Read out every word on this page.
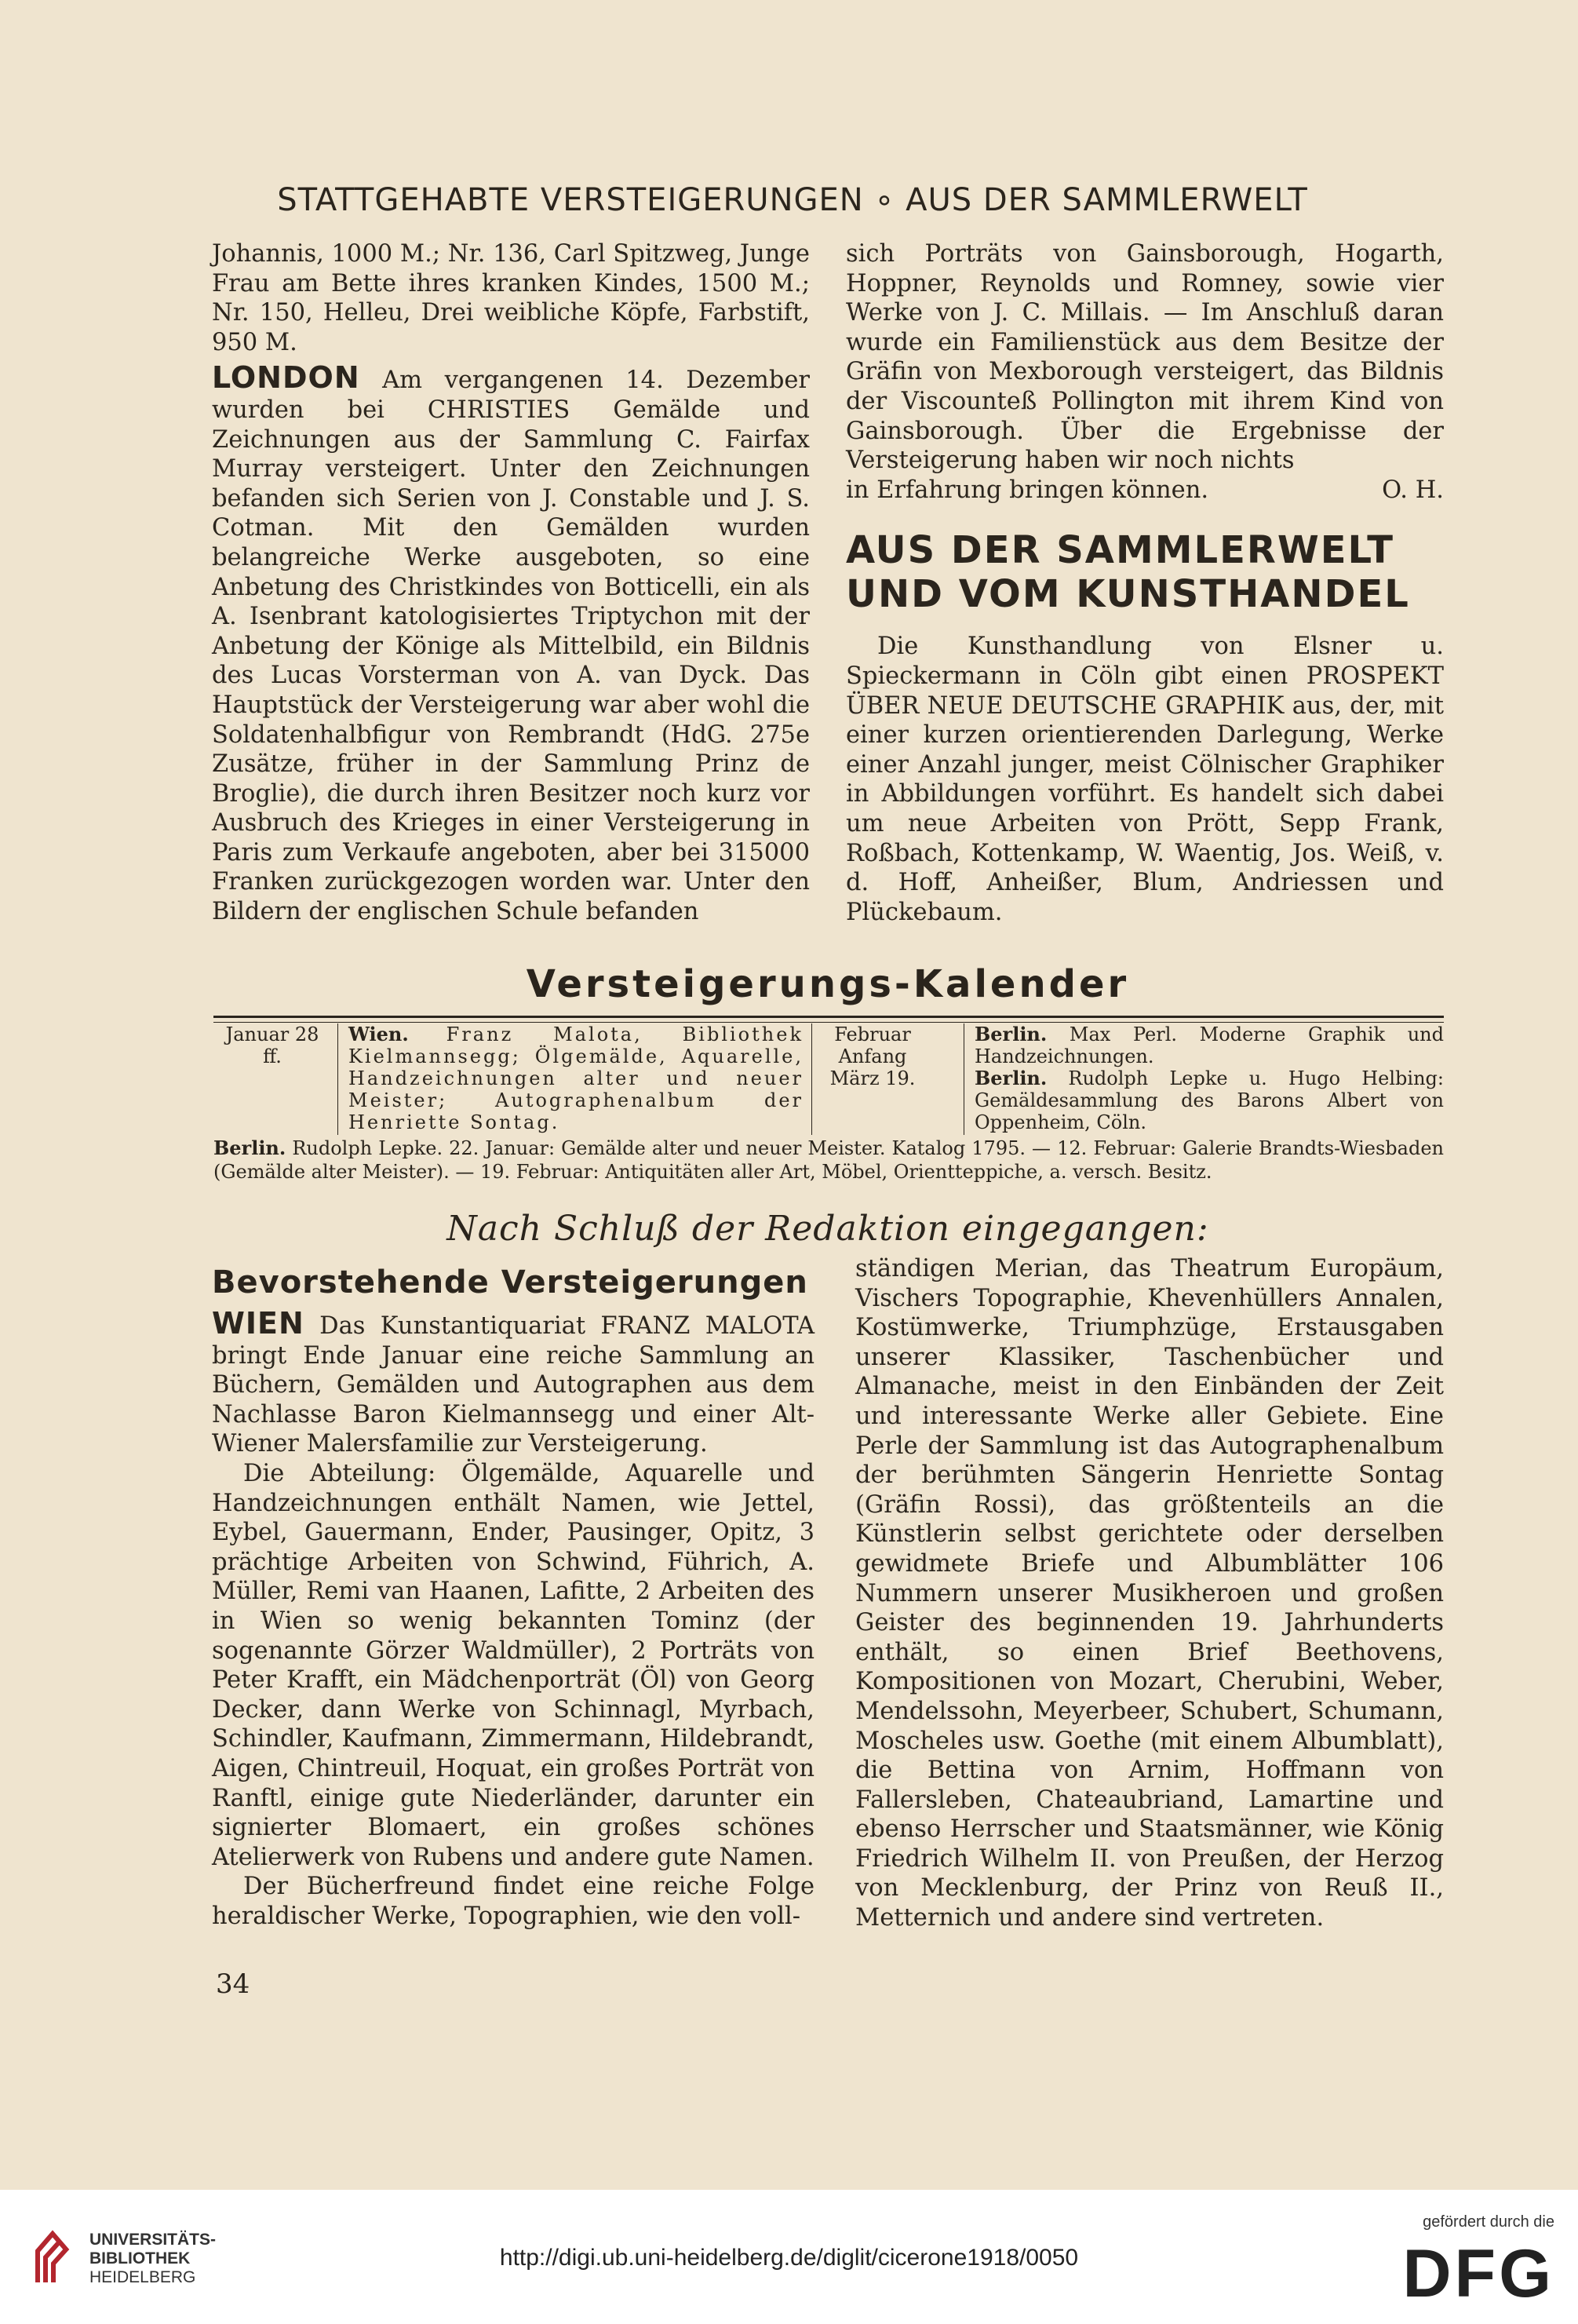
STATTGEHABTE VERSTEIGERUNGEN ∘ AUS DER SAMMLERWELT

Johannis, 1000 M.; Nr. 136, Carl Spitzweg, Junge Frau am Bette ihres kranken Kindes, 1500 M.; Nr. 150, Helleu, Drei weibliche Köpfe, Farbstift, 950 M.

LONDON Am vergangenen 14. Dezember wurden bei CHRISTIES Gemälde und Zeichnungen aus der Sammlung C. Fairfax Murray versteigert. Unter den Zeichnungen befanden sich Serien von J. Constable und J. S. Cotman. Mit den Gemälden wurden belangreiche Werke ausgeboten, so eine Anbetung des Christkindes von Botticelli, ein als A. Isenbrant katologisiertes Triptychon mit der Anbetung der Könige als Mittelbild, ein Bildnis des Lucas Vorsterman von A. van Dyck. Das Hauptstück der Versteigerung war aber wohl die Soldatenhalbfigur von Rembrandt (HdG. 275e Zusätze, früher in der Sammlung Prinz de Broglie), die durch ihren Besitzer noch kurz vor Ausbruch des Krieges in einer Versteigerung in Paris zum Verkaufe angeboten, aber bei 315000 Franken zurückgezogen worden war. Unter den Bildern der englischen Schule befanden

sich Porträts von Gainsborough, Hogarth, Hoppner, Reynolds und Romney, sowie vier Werke von J. C. Millais. — Im Anschluß daran wurde ein Familienstück aus dem Besitze der Gräfin von Mexborough versteigert, das Bildnis der Viscounteß Pollington mit ihrem Kind von Gainsborough. Über die Ergebnisse der Versteigerung haben wir noch nichts

in Erfahrung bringen können.	O. H.
AUS DER SAMMLERWELT UND VOM KUNSTHANDEL

Die Kunsthandlung von Elsner u. Spieckermann in Cöln gibt einen PROSPEKT ÜBER NEUE DEUTSCHE GRAPHIK aus, der, mit einer kurzen orientierenden Darlegung, Werke einer Anzahl junger, meist Cölnischer Graphiker in Abbildungen vorführt. Es handelt sich dabei um neue Arbeiten von Prött, Sepp Frank, Roßbach, Kottenkamp, W. Waentig, Jos. Weiß, v. d. Hoff, Anheißer, Blum, Andriessen und Plückebaum.

Versteigerungs-Kalender
Januar 28 ff.
Wien. Franz Malota, Bibliothek Kielmannsegg; Ölgemälde, Aquarelle, Handzeichnungen alter und neuer Meister; Autographenalbum der Henriette Sontag.
Februar Anfang
März 19.
Berlin. Max Perl. Moderne Graphik und Handzeichnungen.
Berlin. Rudolph Lepke u. Hugo Helbing: Gemäldesammlung des Barons Albert von Oppenheim, Cöln.
Berlin. Rudolph Lepke. 22. Januar: Gemälde alter und neuer Meister. Katalog 1795. — 12. Februar: Galerie Brandts-Wiesbaden (Gemälde alter Meister). — 19. Februar: Antiquitäten aller Art, Möbel, Orientteppiche, a. versch. Besitz.
Nach Schluß der Redaktion eingegangen:
Bevorstehende Versteigerungen

WIEN Das Kunstantiquariat FRANZ MALOTA bringt Ende Januar eine reiche Sammlung an Büchern, Gemälden und Autographen aus dem Nachlasse Baron Kielmannsegg und einer Alt-Wiener Malersfamilie zur Versteigerung.

Die Abteilung: Ölgemälde, Aquarelle und Handzeichnungen enthält Namen, wie Jettel, Eybel, Gauermann, Ender, Pausinger, Opitz, 3 prächtige Arbeiten von Schwind, Führich, A. Müller, Remi van Haanen, Lafitte, 2 Arbeiten des in Wien so wenig bekannten Tominz (der sogenannte Görzer Waldmüller), 2 Porträts von Peter Krafft, ein Mädchenporträt (Öl) von Georg Decker, dann Werke von Schinnagl, Myrbach, Schindler, Kaufmann, Zimmermann, Hildebrandt, Aigen, Chintreuil, Hoquat, ein großes Porträt von Ranftl, einige gute Niederländer, darunter ein signierter Blomaert, ein großes schönes Atelierwerk von Rubens und andere gute Namen.

Der Bücherfreund findet eine reiche Folge heraldischer Werke, Topographien, wie den voll-

ständigen Merian, das Theatrum Europäum, Vischers Topographie, Khevenhüllers Annalen, Kostümwerke, Triumphzüge, Erstausgaben unserer Klassiker, Taschenbücher und Almanache, meist in den Einbänden der Zeit und interessante Werke aller Gebiete. Eine Perle der Sammlung ist das Autographenalbum der berühmten Sängerin Henriette Sontag (Gräfin Rossi), das größtenteils an die Künstlerin selbst gerichtete oder derselben gewidmete Briefe und Albumblätter 106 Nummern unserer Musikheroen und großen Geister des beginnenden 19. Jahrhunderts enthält, so einen Brief Beethovens, Kompositionen von Mozart, Cherubini, Weber, Mendelssohn, Meyerbeer, Schubert, Schumann, Moscheles usw. Goethe (mit einem Albumblatt), die Bettina von Arnim, Hoffmann von Fallersleben, Chateaubriand, Lamartine und ebenso Herrscher und Staatsmänner, wie König Friedrich Wilhelm II. von Preußen, der Herzog von Mecklenburg, der Prinz von Reuß II., Metternich und andere sind vertreten.

34
UNIVERSITÄTS-
BIBLIOTHEK
HEIDELBERG
http://digi.ub.uni-heidelberg.de/diglit/cicerone1918/0050
gefördert durch die
DFG
